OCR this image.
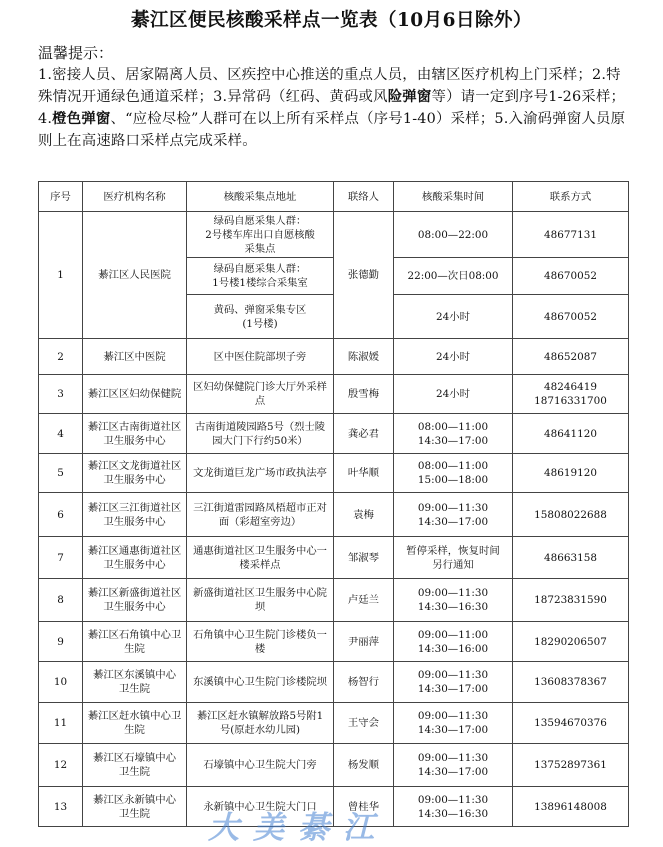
綦江区便民核酸采样点一览表（10月6日除外）
温馨提示：
1.密接人员、居家隔离人员、区疾控中心推送的重点人员，由辖区医疗机构上门采样；2.特殊情况开通绿色通道采样；3.异常码（红码、黄码或风险弹窗等）请一定到序号1-26采样；4.橙色弹窗、“应检尽检”人群可在以上所有采样点（序号1-40）采样；5.入渝码弹窗人员原则上在高速路口采样点完成采样。
序号	医疗机构名称	核酸采集点地址	联络人	核酸采集时间	联系方式
1	綦江区人民医院	绿码自愿采集人群：
2号楼车库出口自愿核酸
采集点	张德勤	08:00—22:00	48677131
		绿码自愿采集人群：
1号楼1楼综合采集室		22:00—次日08:00	48670052
		黄码、弹窗采集专区
(1号楼)		24小时	48670052
2	綦江区中医院	区中医住院部坝子旁	陈淑媛	24小时	48652087
3	綦江区区妇幼保健院	区妇幼保健院门诊大厅外采样
点	殷雪梅	24小时	48246419
18716331700
4	綦江区古南街道社区
卫生服务中心	古南街道陵园路5号（烈士陵
园大门下行约50米）	龚必君	08:00—11:00
14:30—17:00	48641120
5	綦江区文龙街道社区
卫生服务中心	文龙街道巨龙广场市政执法亭	叶华顺	08:00—11:00
15:00—18:00	48619120
6	綦江区三江街道社区
卫生服务中心	三江街道雷园路凤梧超市正对
面（彩超室旁边）	袁梅	09:00—11:30
14:30—17:00	15808022688
7	綦江区通惠街道社区
卫生服务中心	通惠街道社区卫生服务中心一
楼采样点	邹淑琴	暂停采样，恢复时间
另行通知	48663158
8	綦江区新盛街道社区
卫生服务中心	新盛街道社区卫生服务中心院
坝	卢廷兰	09:00—11:30
14:30—16:30	18723831590
9	綦江区石角镇中心卫
生院	石角镇中心卫生院门诊楼负一
楼	尹丽萍	09:00—11:00
14:30—16:00	18290206507
10	綦江区东溪镇中心
卫生院	东溪镇中心卫生院门诊楼院坝	杨智行	09:00—11:30
14:30—17:00	13608378367
11	綦江区赶水镇中心卫
生院	綦江区赶水镇解放路5号附1
号(原赶水幼儿园)	王守会	09:00—11:30
14:30—17:00	13594670376
12	綦江区石壕镇中心
卫生院	石壕镇中心卫生院大门旁	杨发顺	09:00—11:30
14:30—17:00	13752897361
13	綦江区永新镇中心
卫生院	永新镇中心卫生院大门口	曾桂华	09:00—11:30
14:30—16:30	13896148008
大美綦江
